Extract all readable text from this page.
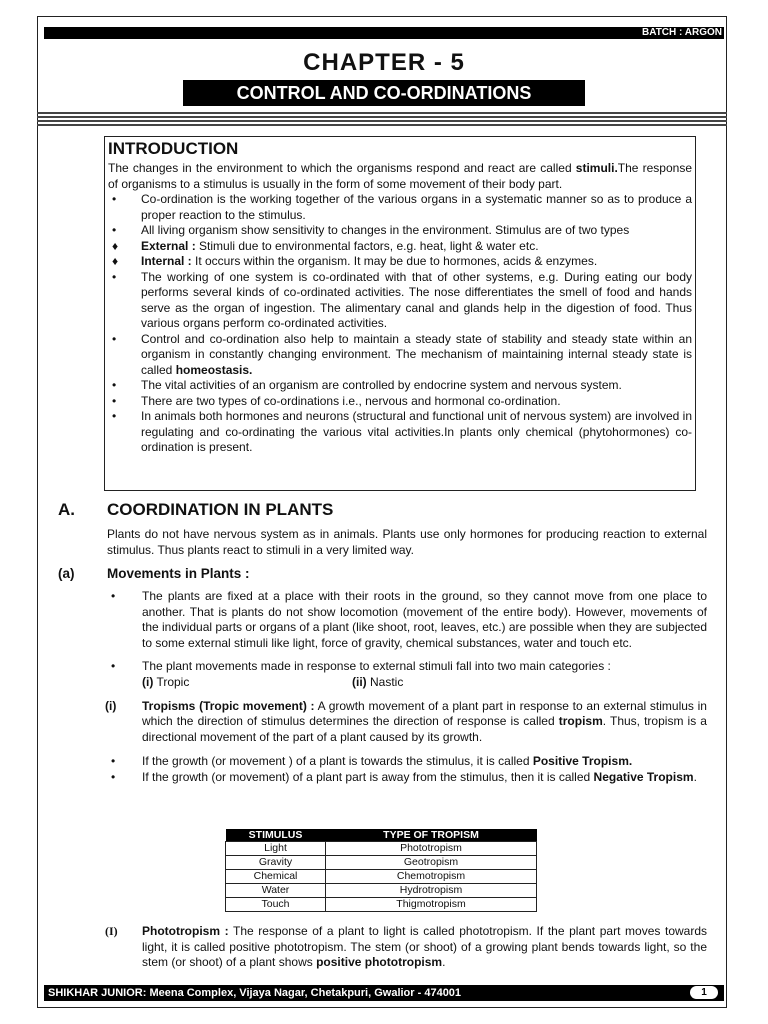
BATCH : ARGON
CHAPTER - 5
CONTROL AND CO-ORDINATIONS
INTRODUCTION

The changes in the environment to which the organisms respond and react are called stimuli.The response of organisms to a stimulus is usually in the form of some movement of their body part.

• Co-ordination is the working together of the various organs in a systematic manner so as to produce a proper reaction to the stimulus.
• All living organism show sensitivity to changes in the environment. Stimulus are of two types
♦ External : Stimuli due to environmental factors, e.g. heat, light & water etc.
♦ Internal : It occurs within the organism. It may be due to hormones, acids & enzymes.
• The working of one system is co-ordinated with that of other systems, e.g. During eating our body performs several kinds of co-ordinated activities. The nose differentiates the smell of food and hands serve as the organ of ingestion. The alimentary canal and glands help in the digestion of food. Thus various organs perform co-ordinated activities.
• Control and co-ordination also help to maintain a steady state of stability and steady state within an organism in constantly changing environment. The mechanism of maintaining internal steady state is called homeostasis.
• The vital activities of an organism are controlled by endocrine system and nervous system.
• There are two types of co-ordinations i.e., nervous and hormonal co-ordination.
• In animals both hormones and neurons (structural and functional unit of nervous system) are involved in regulating and co-ordinating the various vital activities.In plants only chemical (phytohormones) co-ordination is present.
A. COORDINATION IN PLANTS
Plants do not have nervous system as in animals. Plants use only hormones for producing reaction to external stimulus. Thus plants react to stimuli in a very limited way.
(a) Movements in Plants :
• The plants are fixed at a place with their roots in the ground, so they cannot move from one place to another. That is plants do not show locomotion (movement of the entire body). However, movements of the individual parts or organs of a plant (like shoot, root, leaves, etc.) are possible when they are subjected to some external stimuli like light, force of gravity, chemical substances, water and touch etc.
• The plant movements made in response to external stimuli fall into two main categories :
(i) Tropic	(ii) Nastic
(i) Tropisms (Tropic movement) : A growth movement of a plant part in response to an external stimulus in which the direction of stimulus determines the direction of response is called tropism. Thus, tropism is a directional movement of the part of a plant caused by its growth.
• If the growth (or movement ) of a plant is towards the stimulus, it is called Positive Tropism.
• If the growth (or movement) of a plant part is away from the stimulus, then it is called Negative Tropism.
STIMULUS	TYPE OF TROPISM
Light	Phototropism
Gravity	Geotropism
Chemical	Chemotropism
Water	Hydrotropism
Touch	Thigmotropism
(I) Phototropism : The response of a plant to light is called phototropism. If the plant part moves towards light, it is called positive phototropism. The stem (or shoot) of a growing plant bends towards light, so the stem (or shoot) of a plant shows positive phototropism.
SHIKHAR JUNIOR: Meena Complex, Vijaya Nagar, Chetakpuri, Gwalior - 474001	1
